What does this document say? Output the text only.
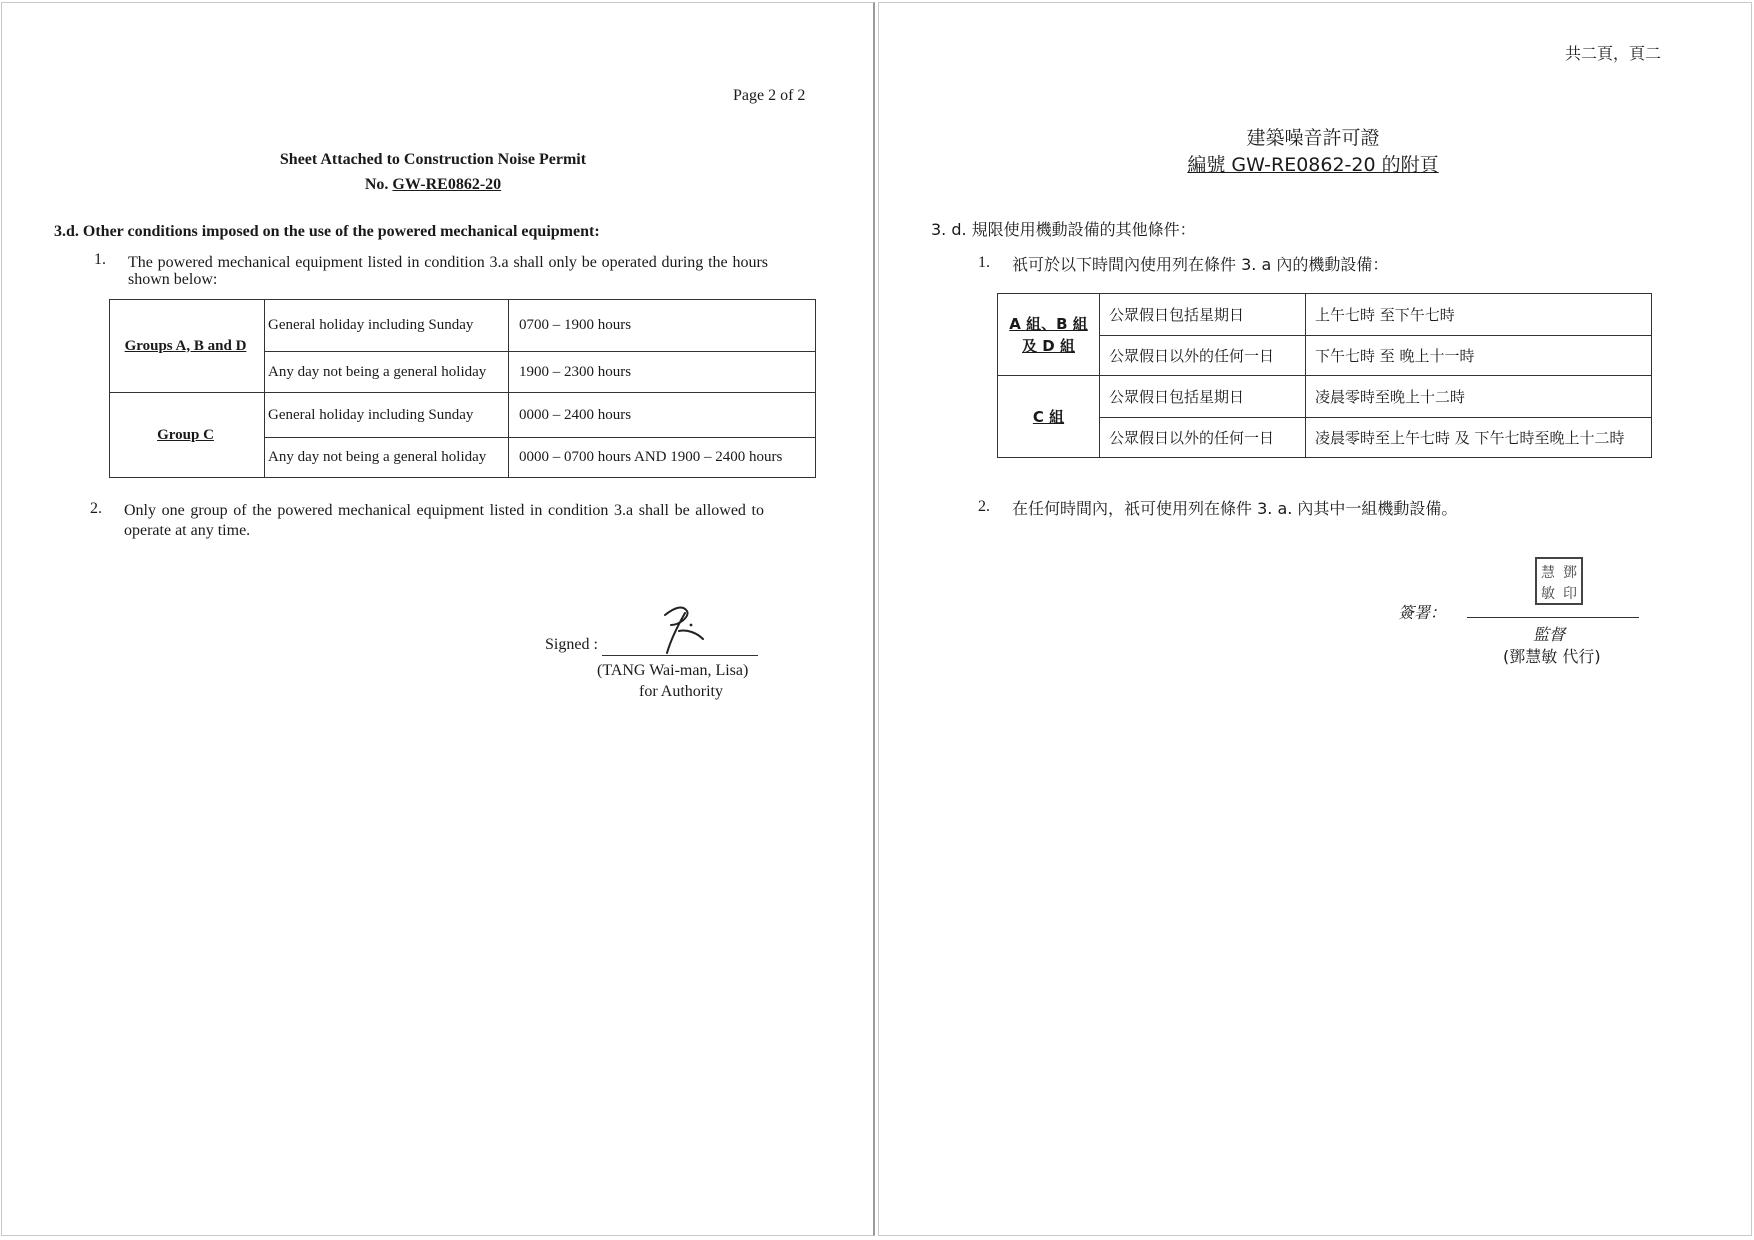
Page 2 of 2
Sheet Attached to Construction Noise Permit
No. GW-RE0862-20
3.d. Other conditions imposed on the use of the powered mechanical equipment:
1. The powered mechanical equipment listed in condition 3.a shall only be operated during the hours shown below:
Groups A, B and D	General holiday including Sunday	0700 – 1900 hours
	Any day not being a general holiday	1900 – 2300 hours
Group C	General holiday including Sunday	0000 – 2400 hours
	Any day not being a general holiday	0000 – 0700 hours AND 1900 – 2400 hours
2. Only one group of the powered mechanical equipment listed in condition 3.a shall be allowed to operate at any time.
Signed :
(TANG Wai-man, Lisa)
for Authority
共二頁，頁二
建築噪音許可證
編號 GW-RE0862-20 的附頁
3. d. 規限使用機動設備的其他條件：
1. 祇可於以下時間內使用列在條件 3. a 內的機動設備：
A 組、B 組
及 D 組	公眾假日包括星期日	上午七時 至下午七時
	公眾假日以外的任何一日	下午七時 至 晚上十一時

C 組	公眾假日包括星期日	凌晨零時至晚上十二時
	公眾假日以外的任何一日	凌晨零時至上午七時 及 下午七時至晚上十二時
2. 在任何時間內，祇可使用列在條件 3. a. 內其中一組機動設備。
鄧
慧
敏 印
簽署：
監督
(鄧慧敏 代行)
